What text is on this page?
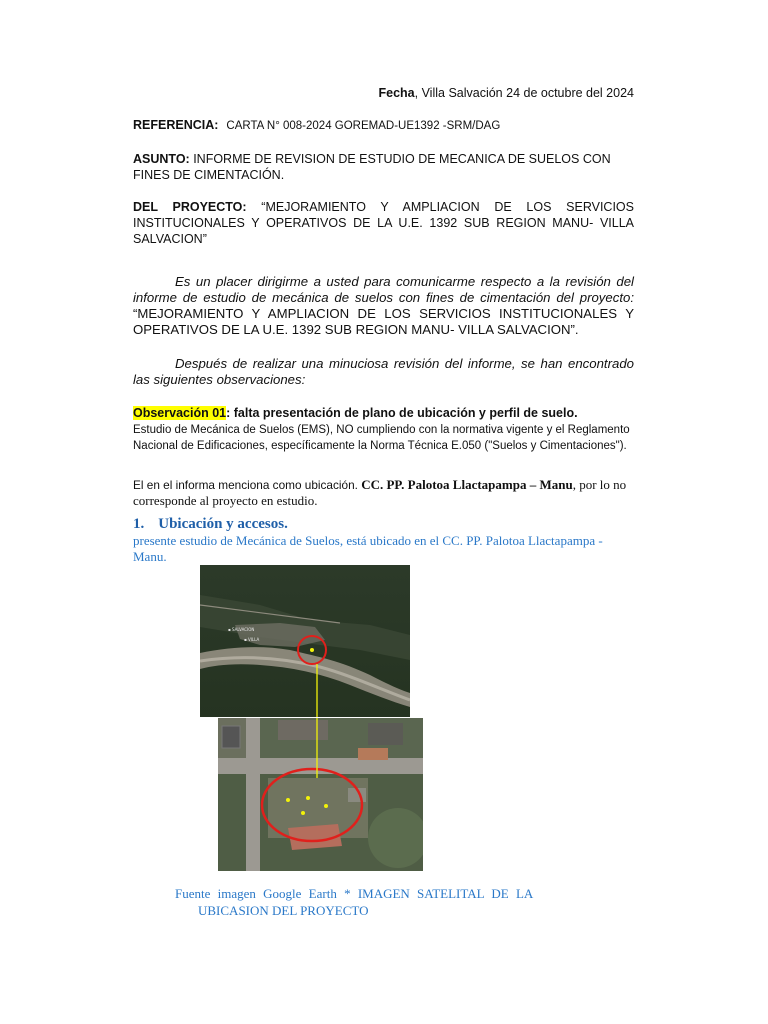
Fecha, Villa Salvación 24 de octubre del 2024
REFERENCIA: CARTA N° 008-2024 GOREMAD-UE1392 -SRM/DAG
ASUNTO: INFORME DE REVISION DE ESTUDIO DE MECANICA DE SUELOS CON FINES DE CIMENTACIÓN.
DEL PROYECTO: “MEJORAMIENTO Y AMPLIACION DE LOS SERVICIOS INSTITUCIONALES Y OPERATIVOS DE LA U.E. 1392 SUB REGION MANU- VILLA SALVACION”
Es un placer dirigirme a usted para comunicarme respecto a la revisión del informe de estudio de mecánica de suelos con fines de cimentación del proyecto: “MEJORAMIENTO Y AMPLIACION DE LOS SERVICIOS INSTITUCIONALES Y OPERATIVOS DE LA U.E. 1392 SUB REGION MANU- VILLA SALVACION”.
Después de realizar una minuciosa revisión del informe, se han encontrado las siguientes observaciones:
Observación 01: falta presentación de plano de ubicación y perfil de suelo.
Estudio de Mecánica de Suelos (EMS), NO cumpliendo con la normativa vigente y el Reglamento Nacional de Edificaciones, específicamente la Norma Técnica E.050 ("Suelos y Cimentaciones").
El en el informa menciona como ubicación. CC. PP. Palotoa Llactapampa – Manu, por lo no corresponde al proyecto en estudio.
1. Ubicación y accesos.
presente estudio de Mecánica de Suelos, está ubicado en el CC. PP. Palotoa Llactapampa - Manu.
▪ SALVACION
▪ VILLA
Fuente imagen Google Earth * IMAGEN SATELITAL DE LA
UBICASION DEL PROYECTO
